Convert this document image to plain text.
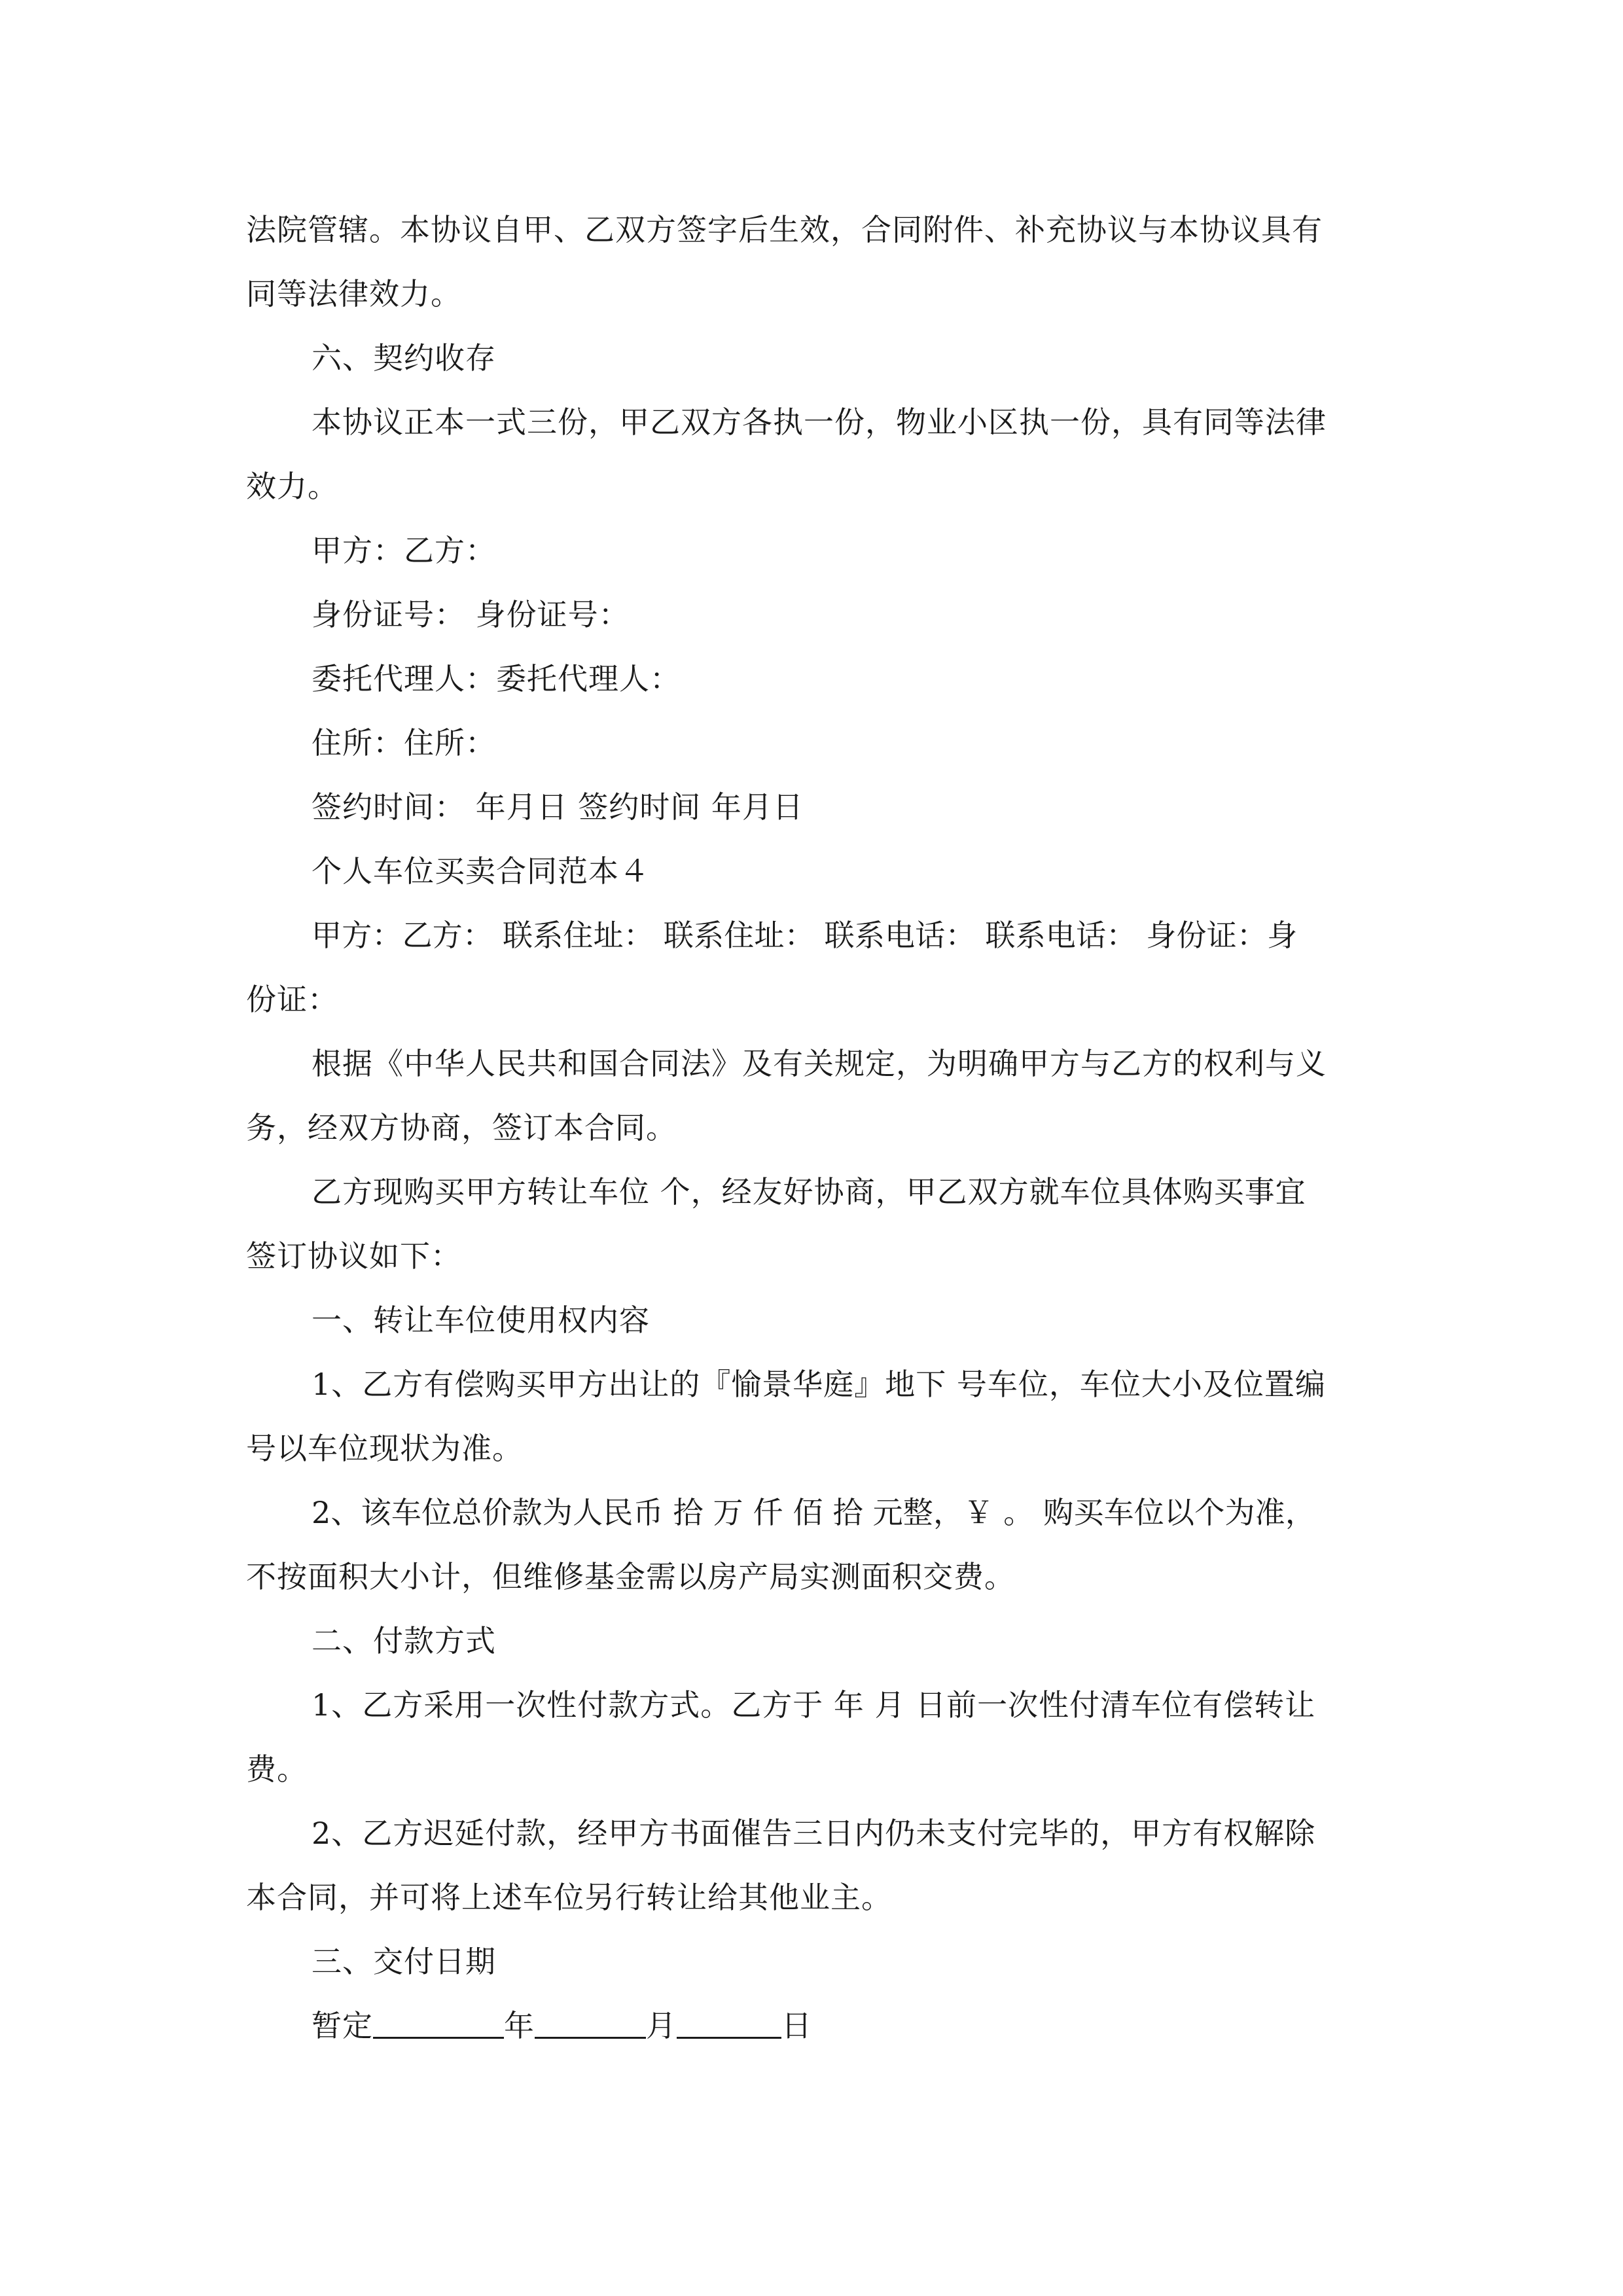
法院管辖。本协议自甲、乙双方签字后生效，合同附件、补充协议与本协议具有
同等法律效力。
六、契约收存
本协议正本一式三份，甲乙双方各执一份，物业小区执一份，具有同等法律
效力。
甲方：乙方：
身份证号： 身份证号：
委托代理人：委托代理人：
住所：住所：
签约时间： 年月日 签约时间 年月日
个人车位买卖合同范本４
甲方：乙方： 联系住址： 联系住址： 联系电话： 联系电话： 身份证：身
份证：
根据《中华人民共和国合同法》及有关规定，为明确甲方与乙方的权利与义
务，经双方协商，签订本合同。
乙方现购买甲方转让车位 个，经友好协商，甲乙双方就车位具体购买事宜
签订协议如下：
一、转让车位使用权内容
1、乙方有偿购买甲方出让的『愉景华庭』地下 号车位，车位大小及位置编
号以车位现状为准。
2、该车位总价款为人民币 拾 万 仟 佰 拾 元整，￥ 。 购买车位以个为准，
不按面积大小计，但维修基金需以房产局实测面积交费。
二、付款方式
1、乙方采用一次性付款方式。乙方于 年 月 日前一次性付清车位有偿转让
费。
2、乙方迟延付款，经甲方书面催告三日内仍未支付完毕的，甲方有权解除
本合同，并可将上述车位另行转让给其他业主。
三、交付日期
暂定	年	月	日
